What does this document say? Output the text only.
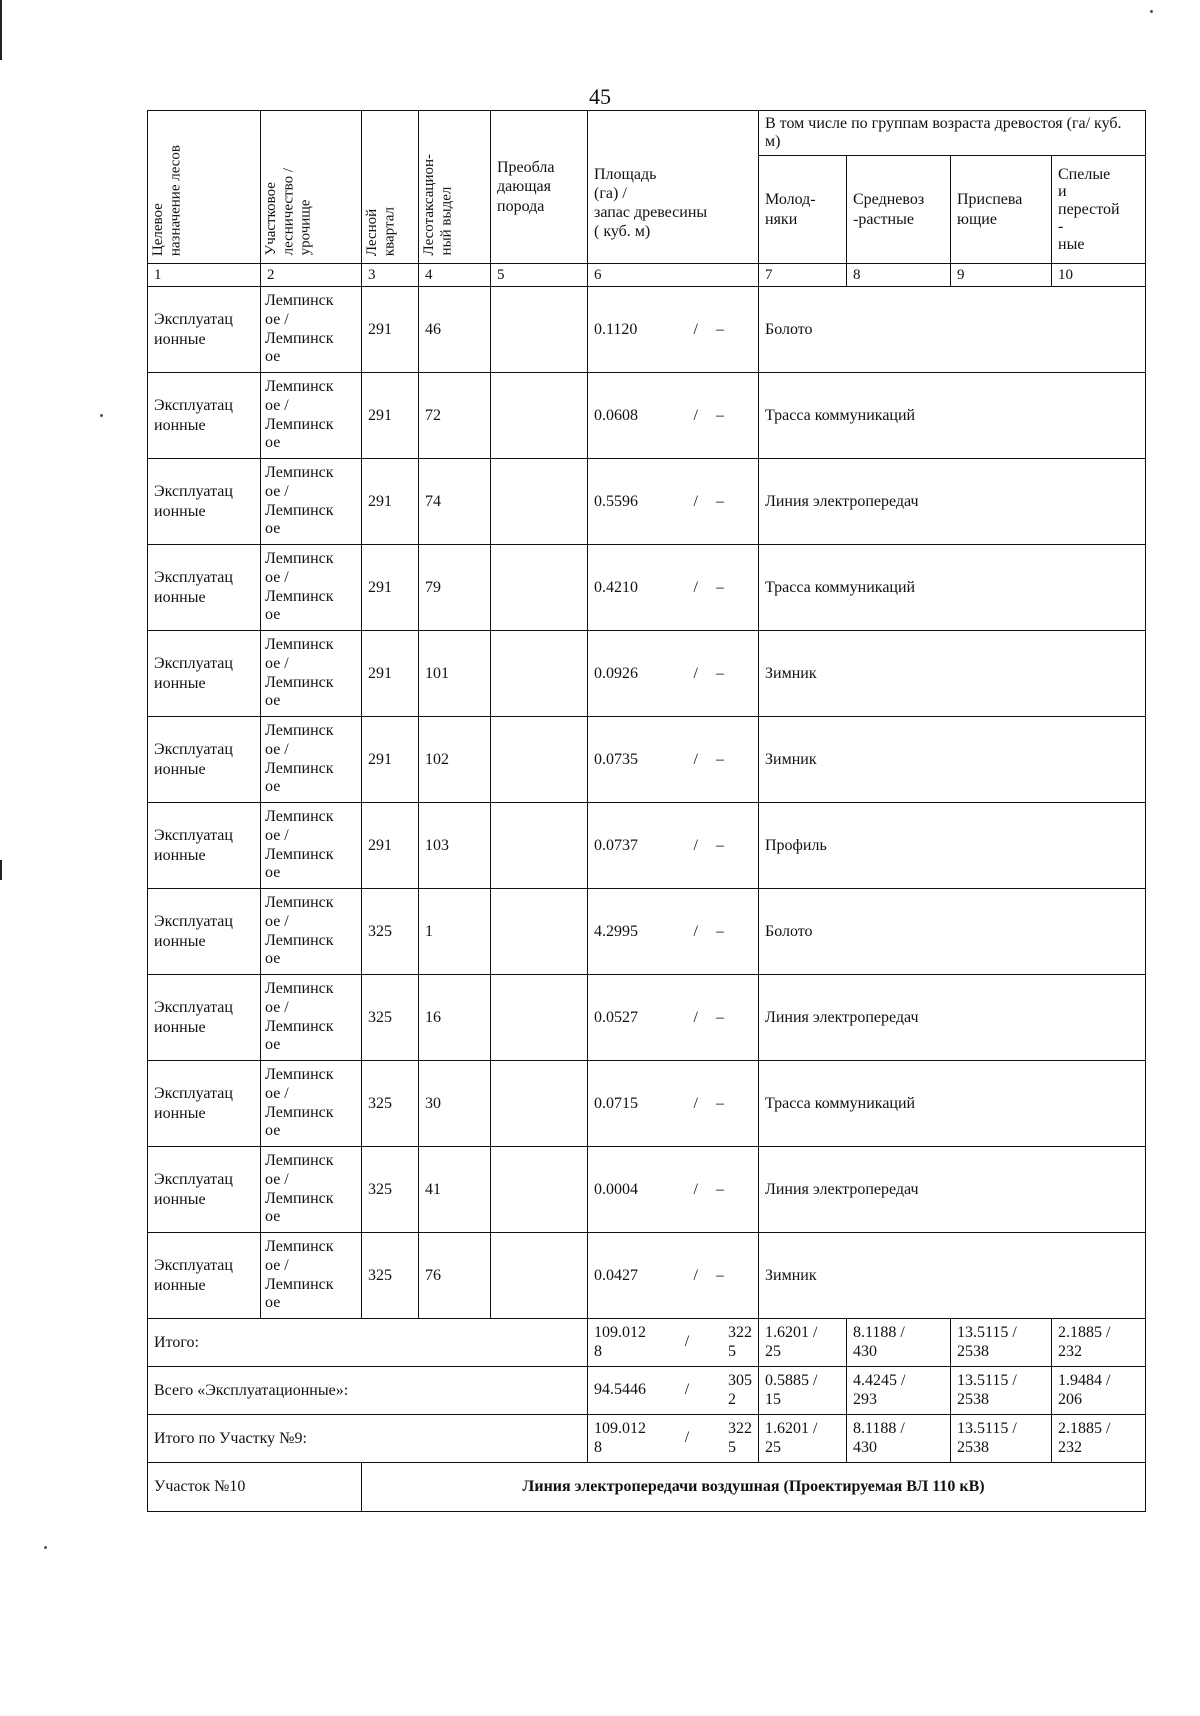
45
Целевое
назначение лесов	Участковое
лесничество /
урочище	Лесной
квартал	Лесотаксацион-
ный выдел	Преобла
дающая
порода	Площадь
(га) /
запас древесины
( куб. м)	В том числе по группам возраста древостоя (га/ куб. м)			

						Молод-
няки	Средневоз
-растные	Приспева
ющие	Спелые
и
перестой
-
ные

1	2	3	4	5	6	7	8	9	10

Эксплуатац
ионные	Лемпинск
ое /
Лемпинск
ое	291	46		0.1120 / –	Болото			

Эксплуатац
ионные	Лемпинск
ое /
Лемпинск
ое	291	72		0.0608 / –	Трасса коммуникаций			

Эксплуатац
ионные	Лемпинск
ое /
Лемпинск
ое	291	74		0.5596 / –	Линия электропередач			

Эксплуатац
ионные	Лемпинск
ое /
Лемпинск
ое	291	79		0.4210 / –	Трасса коммуникаций			

Эксплуатац
ионные	Лемпинск
ое /
Лемпинск
ое	291	101		0.0926 / –	Зимник			

Эксплуатац
ионные	Лемпинск
ое /
Лемпинск
ое	291	102		0.0735 / –	Зимник			

Эксплуатац
ионные	Лемпинск
ое /
Лемпинск
ое	291	103		0.0737 / –	Профиль			

Эксплуатац
ионные	Лемпинск
ое /
Лемпинск
ое	325	1		4.2995 / –	Болото			

Эксплуатац
ионные	Лемпинск
ое /
Лемпинск
ое	325	16		0.0527 / –	Линия электропередач			

Эксплуатац
ионные	Лемпинск
ое /
Лемпинск
ое	325	30		0.0715 / –	Трасса коммуникаций			

Эксплуатац
ионные	Лемпинск
ое /
Лемпинск
ое	325	41		0.0004 / –	Линия электропередач			

Эксплуатац
ионные	Лемпинск
ое /
Лемпинск
ое	325	76		0.0427 / –	Зимник			
Итого:					109.012
8
/
322
5	1.6201 /
25	8.1188 /
430	13.5115 /
2538	2.1885 /
232
Всего «Эксплуатационные»:					94.5446 /
305
2	0.5885 /
15	4.4245 /
293	13.5115 /
2538	1.9484 /
206
Итого по Участку №9:					109.012
8
/
322
5	1.6201 /
25	8.1188 /
430	13.5115 /
2538	2.1885 /
232
Участок №10		Линия электропередачи воздушная (Проектируемая ВЛ 110 кВ)							
